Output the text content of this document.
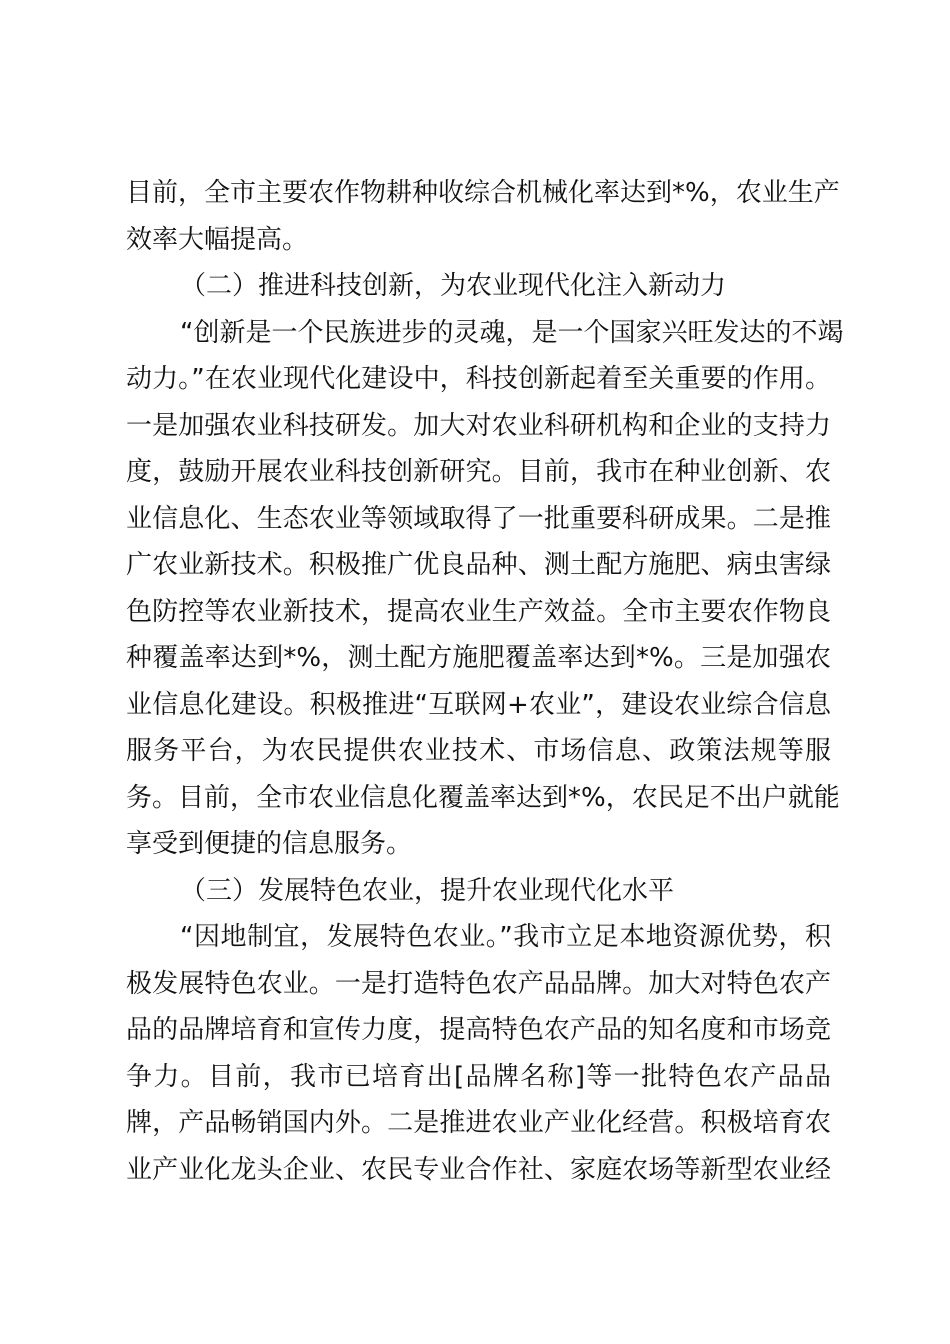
目前，全市主要农作物耕种收综合机械化率达到*%，农业生产
效率大幅提高。
（二）推进科技创新，为农业现代化注入新动力
“创新是一个民族进步的灵魂，是一个国家兴旺发达的不竭
动力。”在农业现代化建设中，科技创新起着至关重要的作用。
一是加强农业科技研发。加大对农业科研机构和企业的支持力
度，鼓励开展农业科技创新研究。目前，我市在种业创新、农
业信息化、生态农业等领域取得了一批重要科研成果。二是推
广农业新技术。积极推广优良品种、测土配方施肥、病虫害绿
色防控等农业新技术，提高农业生产效益。全市主要农作物良
种覆盖率达到*%，测土配方施肥覆盖率达到*%。三是加强农
业信息化建设。积极推进“互联网+农业”，建设农业综合信息
服务平台，为农民提供农业技术、市场信息、政策法规等服
务。目前，全市农业信息化覆盖率达到*%，农民足不出户就能
享受到便捷的信息服务。
（三）发展特色农业，提升农业现代化水平
“因地制宜，发展特色农业。”我市立足本地资源优势，积
极发展特色农业。一是打造特色农产品品牌。加大对特色农产
品的品牌培育和宣传力度，提高特色农产品的知名度和市场竞
争力。目前，我市已培育出[品牌名称]等一批特色农产品品
牌，产品畅销国内外。二是推进农业产业化经营。积极培育农
业产业化龙头企业、农民专业合作社、家庭农场等新型农业经
